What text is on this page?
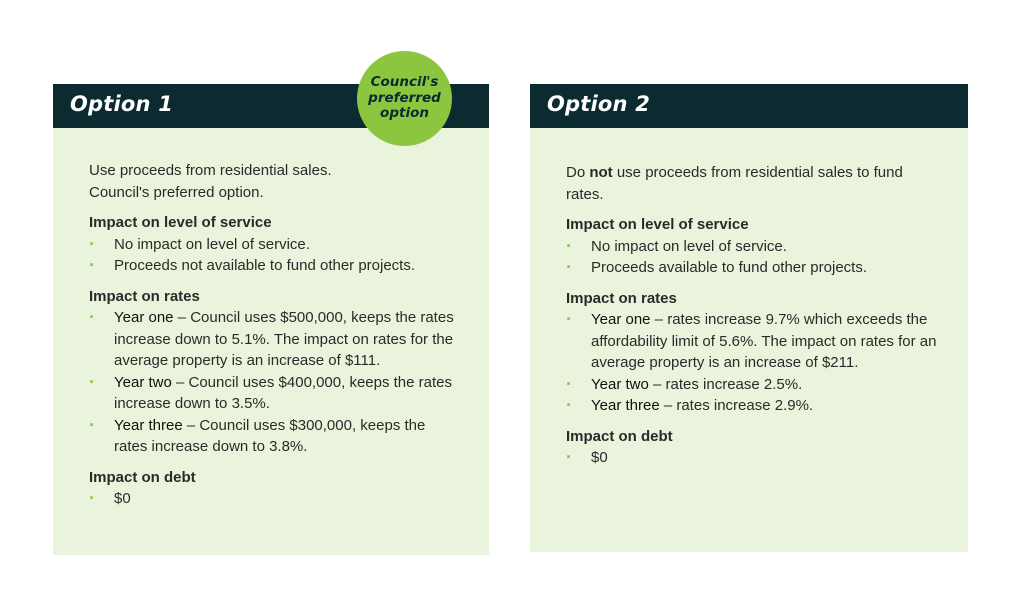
Option 1

Use proceeds from residential sales.
Council's preferred option.

Impact on level of service
· No impact on level of service.
· Proceeds not available to fund other projects.
Impact on rates
· Year one – Council uses $500,000, keeps the rates increase down to 5.1%. The impact on rates for the average property is an increase of $111.
· Year two – Council uses $400,000, keeps the rates increase down to 3.5%.
· Year three – Council uses $300,000, keeps the rates increase down to 3.8%.
Impact on debt
· $0
Council's preferred option	Option 2

Do not use proceeds from residential sales to fund rates.

Impact on level of service
· No impact on level of service.
· Proceeds available to fund other projects.
Impact on rates
· Year one – rates increase 9.7% which exceeds the affordability limit of 5.6%. The impact on rates for an average property is an increase of $211.
· Year two – rates increase 2.5%.
· Year three – rates increase 2.9%.
Impact on debt
· $0
